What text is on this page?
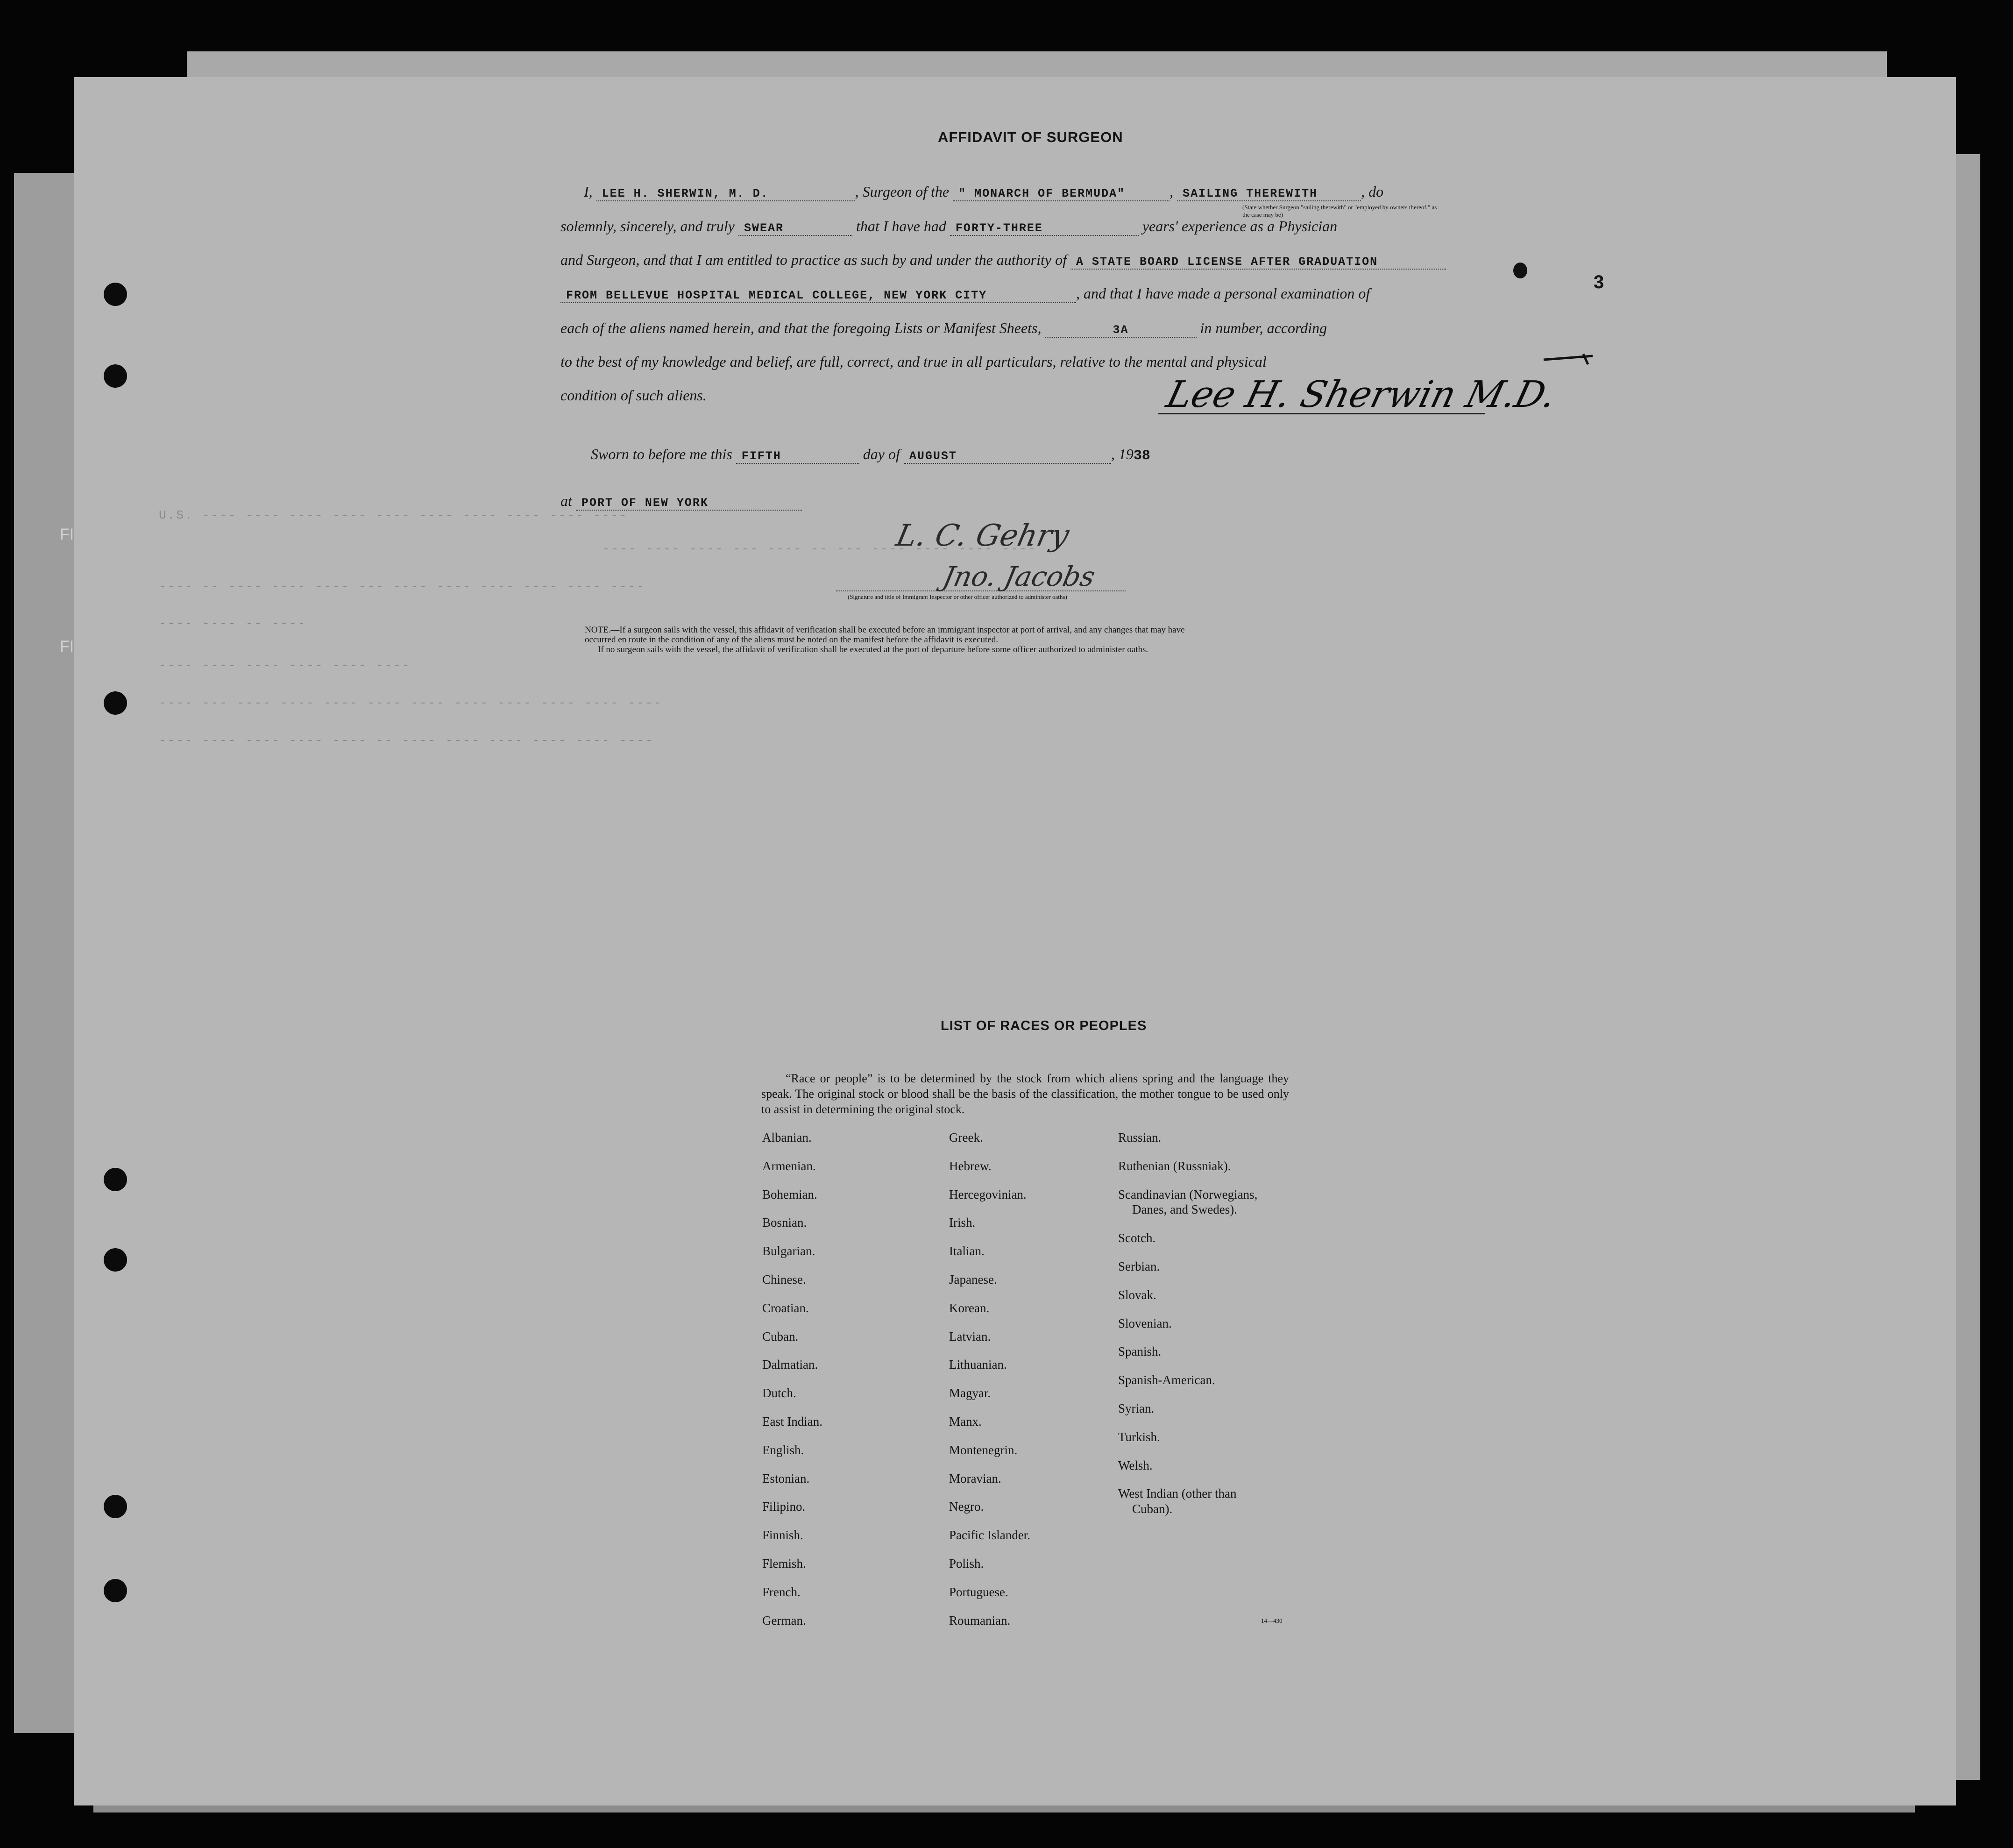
FI
FI
U.S. ---- ---- ---- ---- ---- ---- ---- ---- ---- ----
---- ---- ---- --- ---- -- --- ---- ---- ---- ----
---- -- ---- ---- ---- --- ---- ---- ---- ---- ---- ----
---- ---- -- ----
---- ---- ---- ---- ---- ----
---- --- ---- ---- ---- ---- ---- ---- ---- ---- ---- ----
---- ---- ---- ---- ---- -- ---- ---- ---- ---- ---- ----
AFFIDAVIT OF SURGEON
I, LEE H. SHERWIN, M. D.	, Surgeon of the " MONARCH OF BERMUDA"	, SAILING THEREWITH	, do
(State whether Surgeon "sailing therewith" or "employed by owners thereof," as the case may be)
solemnly, sincerely, and truly SWEAR	that I have had FORTY-THREE	years' experience as a Physician
and Surgeon, and that I am entitled to practice as such by and under the authority of A STATE BOARD LICENSE AFTER GRADUATION
FROM BELLEVUE HOSPITAL MEDICAL COLLEGE, NEW YORK CITY	, and that I have made a personal examination of
each of the aliens named herein, and that the foregoing Lists or Manifest Sheets,	3A	in number, according
to the best of my knowledge and belief, are full, correct, and true in all particulars, relative to the mental and physical
condition of such aliens.	Lee H. Sherwin M.D.
3
Sworn to before me this FIFTH	day of AUGUST	, 1938
at PORT OF NEW YORK
L. C. Gehry
Jno. Jacobs
(Signature and title of Immigrant Inspector or other officer authorized to administer oaths)
NOTE.—If a surgeon sails with the vessel, this affidavit of verification shall be executed before an immigrant inspector at port of arrival, and any changes that may have
occurred en route in the condition of any of the aliens must be noted on the manifest before the affidavit is executed.
If no surgeon sails with the vessel, the affidavit of verification shall be executed at the port of departure before some officer authorized to administer oaths.
LIST OF RACES OR PEOPLES
“Race or people” is to be determined by the stock from which aliens spring and the language they speak. The original stock or blood shall be the basis of the classification, the mother tongue to be used only to assist in determining the original stock.
Albanian.
Armenian.
Bohemian.
Bosnian.
Bulgarian.
Chinese.
Croatian.
Cuban.
Dalmatian.
Dutch.
East Indian.
English.
Estonian.
Filipino.
Finnish.
Flemish.
French.
German.
Greek.
Hebrew.
Hercegovinian.
Irish.
Italian.
Japanese.
Korean.
Latvian.
Lithuanian.
Magyar.
Manx.
Montenegrin.
Moravian.
Negro.
Pacific Islander.
Polish.
Portuguese.
Roumanian.
Russian.
Ruthenian (Russniak).
Scandinavian (Norwegians,
Danes, and Swedes).
Scotch.
Serbian.
Slovak.
Slovenian.
Spanish.
Spanish-American.
Syrian.
Turkish.
Welsh.
West Indian (other than
Cuban).
14—430
